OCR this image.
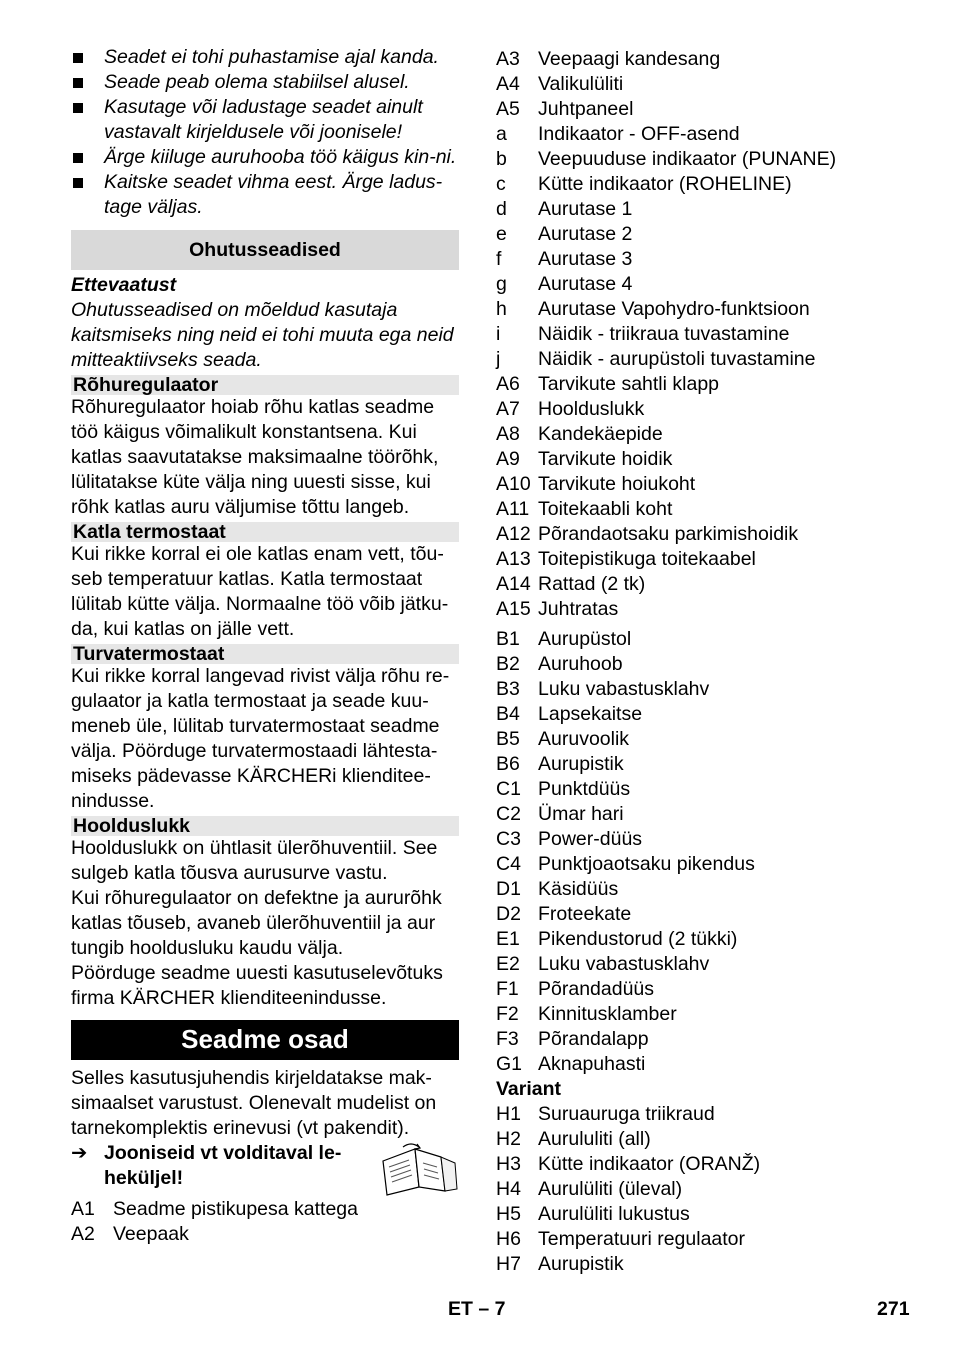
Seadet ei tohi puhastamise ajal kanda.
Seade peab olema stabiilsel alusel.
Kasutage või ladustage seadet ainult vastavalt kirjeldusele või joonisele!
Ärge kiiluge auruhooba töö käigus kin-ni.
Kaitske seadet vihma eest. Ärge ladus-tage väljas.
Ohutusseadised
Ettevaatust

Ohutusseadised on mõeldud kasutaja kaitsmiseks ning neid ei tohi muuta ega neid mitteaktiivseks seada.

Rõhuregulaator

Rõhuregulaator hoiab rõhu katlas seadme töö käigus võimalikult konstantsena. Kui katlas saavutatakse maksimaalne töörõhk, lülitatakse küte välja ning uuesti sisse, kui rõhk katlas auru väljumise tõttu langeb.

Katla termostaat

Kui rikke korral ei ole katlas enam vett, tõu-seb temperatuur katlas. Katla termostaat lülitab kütte välja. Normaalne töö võib jätku-da, kui katlas on jälle vett.

Turvatermostaat

Kui rikke korral langevad rivist välja rõhu re-gulaator ja katla termostaat ja seade kuu-meneb üle, lülitab turvatermostaat seadme välja. Pöörduge turvatermostaadi lähtesta-miseks pädevasse KÄRCHERi klienditee-nindusse.

Hoolduslukk

Hoolduslukk on ühtlasit ülerõhuventiil. See sulgeb katla tõusva aurusurve vastu.

Kui rõhuregulaator on defektne ja aururõhk katlas tõuseb, avaneb ülerõhuventiil ja aur tungib hooldusluku kaudu välja.

Pöörduge seadme uuesti kasutuselevõtuks firma KÄRCHER klienditeenindusse.

Seadme osad

Selles kasutusjuhendis kirjeldatakse mak-simaalset varustust. Olenevalt mudelist on tarnekomplektis erinevusi (vt pakendit).

➔ Jooniseid vt volditaval le-heküljel!
A1 Seadme pistikupesa kattega
A2 Veepaak
A3 Veepaagi kandesang
A4 Valikulüliti
A5 Juhtpaneel
a	Indikaator - OFF-asend
b	Veepuuduse indikaator (PUNANE)
c	Kütte indikaator (ROHELINE)
d	Aurutase 1
e	Aurutase 2
f	Aurutase 3
g	Aurutase 4
h	Aurutase Vapohydro-funktsioon
i	Näidik - triikraua tuvastamine
j	Näidik - aurupüstoli tuvastamine
A6 Tarvikute sahtli klapp
A7 Hoolduslukk
A8 Kandekäepide
A9 Tarvikute hoidik
A10 Tarvikute hoiukoht
A11 Toitekaabli koht
A12 Põrandaotsaku parkimishoidik
A13 Toitepistikuga toitekaabel
A14 Rattad (2 tk)
A15 Juhtratas
B1 Aurupüstol
B2 Auruhoob
B3 Luku vabastusklahv
B4 Lapsekaitse
B5 Auruvoolik
B6 Aurupistik
C1 Punktdüüs
C2 Ümar hari
C3 Power-düüs
C4 Punktjoaotsaku pikendus
D1 Käsidüüs
D2 Froteekate
E1 Pikendustorud (2 tükki)
E2 Luku vabastusklahv
F1 Põrandadüüs
F2 Kinnitusklamber
F3 Põrandalapp
G1 Aknapuhasti
Variant
H1 Suruauruga triikraud
H2 Aurululiti (all)
H3 Kütte indikaator (ORANŽ)
H4 Aurulüliti (üleval)
H5 Aurulüliti lukustus
H6 Temperatuuri regulaator
H7 Aurupistik
ET – 7	271
